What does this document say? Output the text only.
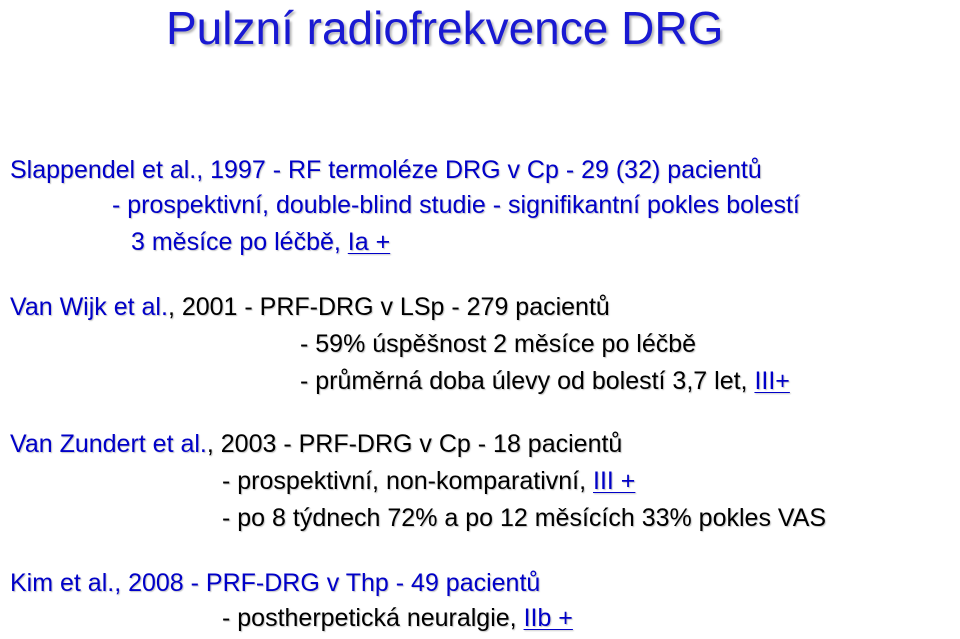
Pulzní radiofrekvence DRG
Slappendel et al., 1997 - RF termoléze DRG v Cp - 29 (32) pacientů
- prospektivní, double-blind studie - signifikantní pokles bolestí
3 měsíce po léčbě, Ia +
Van Wijk et al., 2001 - PRF-DRG v LSp - 279 pacientů
- 59% úspěšnost 2 měsíce po léčbě
- průměrná doba úlevy od bolestí 3,7 let, III+
Van Zundert et al., 2003 - PRF-DRG v Cp - 18 pacientů
- prospektivní, non-komparativní, III +
- po 8 týdnech 72% a po 12 měsících 33% pokles VAS
Kim et al., 2008 - PRF-DRG v Thp - 49 pacientů
- postherpetická neuralgie, IIb +
